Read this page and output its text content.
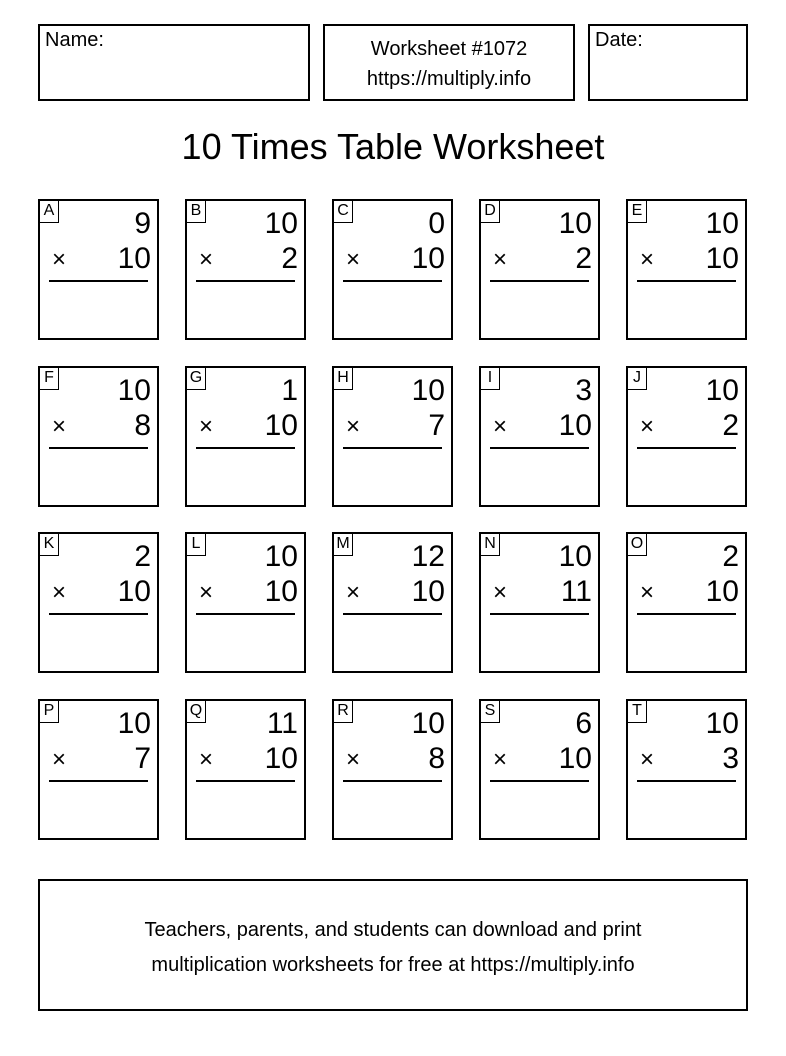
Name:	Worksheet #1072
https://multiply.info
Date:
10 Times Table Worksheet
A	9
× 10
B 10
× 2
C	0
× 10
D 10
× 2
E 10
× 10
F 10
× 8
G	1
× 10
H 10
× 7
I	3
× 10
J 10
× 2
K	2
× 10
L 10
× 10
M 12
× 10
N 10
× 11
O	2
× 10
P 10
× 7
Q 11
× 10
R 10
× 8
S	6
× 10
T 10
× 3
Teachers, parents, and students can download and print
multiplication worksheets for free at https://multiply.info
